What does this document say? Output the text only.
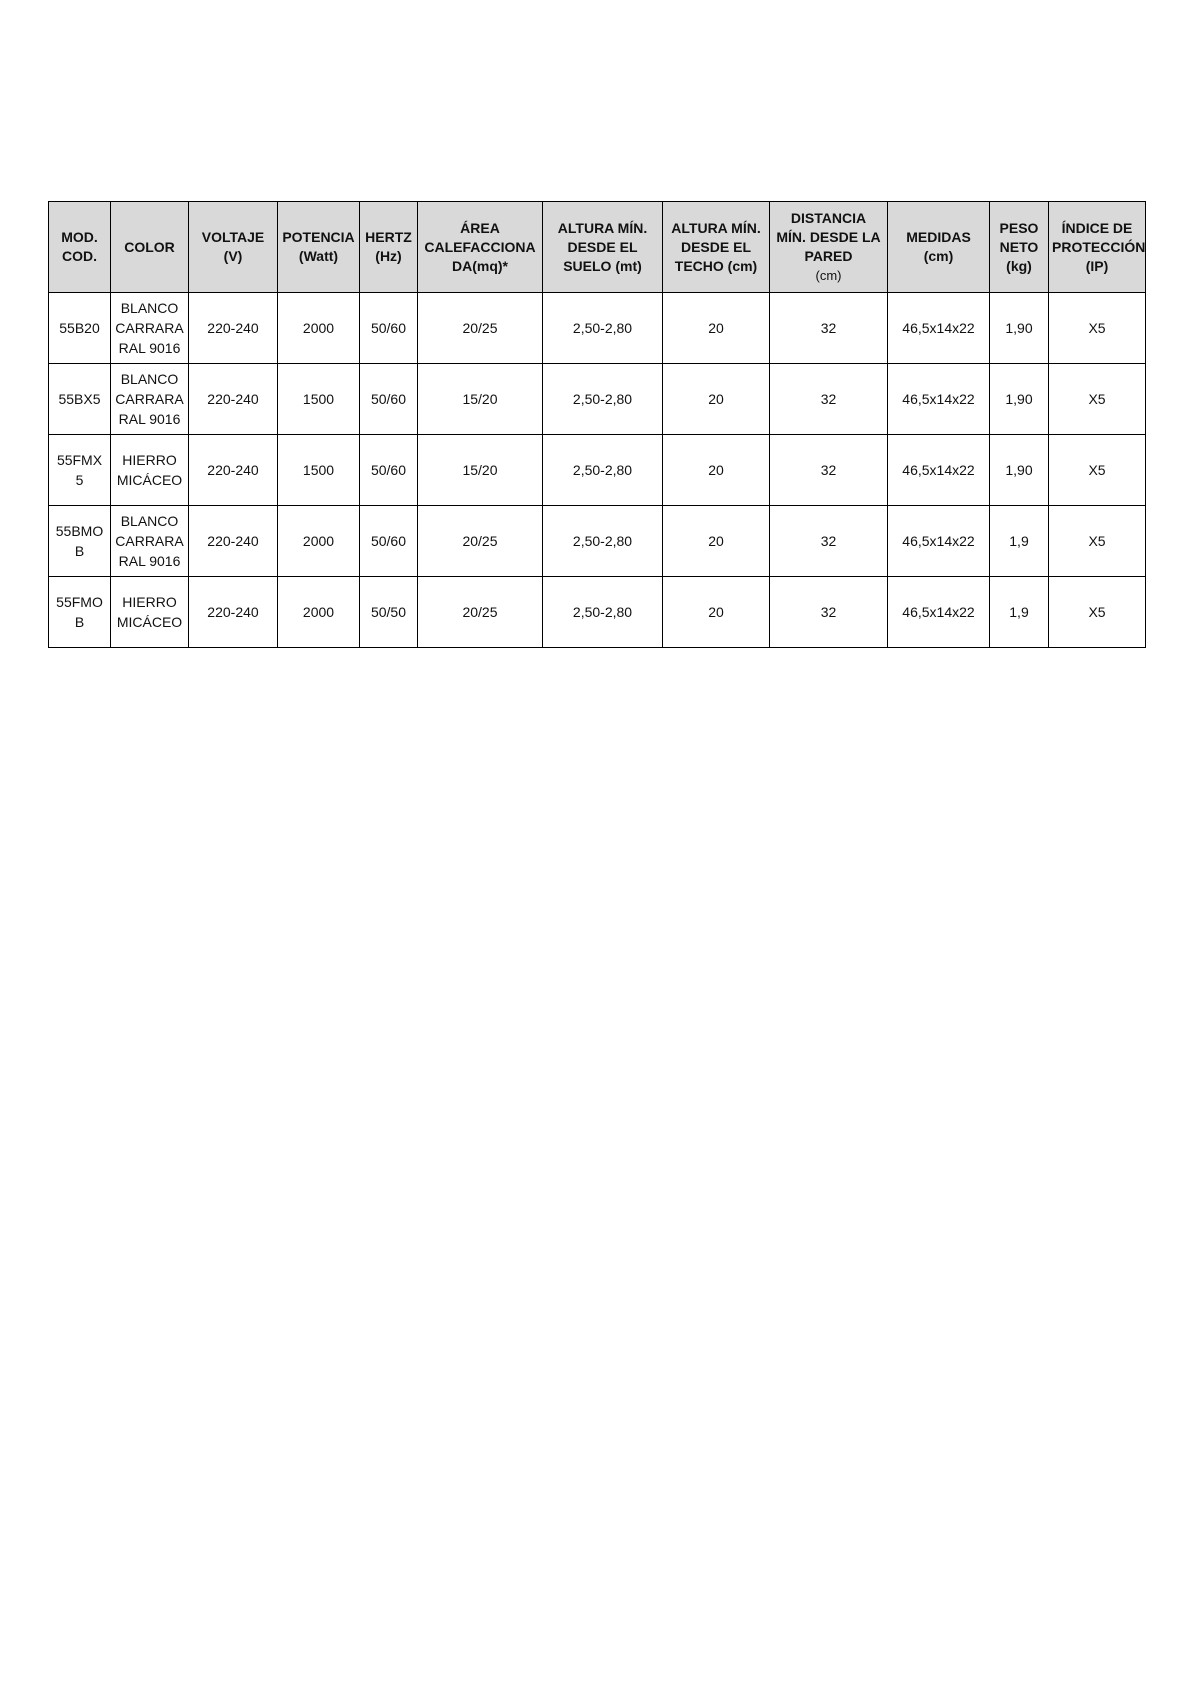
MOD.
COD.	COLOR	VOLTAJE
(V)	POTENCIA
(Watt)	HERTZ
(Hz)	ÁREA
CALEFACCIONA
DA(mq)*	ALTURA MÍN.
DESDE EL
SUELO (mt)	ALTURA MÍN.
DESDE EL
TECHO (cm)	DISTANCIA
MÍN. DESDE LA
PARED
(cm)	MEDIDAS
(cm)	PESO
NETO
(kg)	ÍNDICE DE
PROTECCIÓN
(IP)

55B20	BLANCO
CARRARA
RAL 9016	220-240	2000	50/60	20/25	2,50-2,80	20	32	46,5x14x22	1,90	X5

55BX5	BLANCO
CARRARA
RAL 9016	220-240	1500	50/60	15/20	2,50-2,80	20	32	46,5x14x22	1,90	X5

55FMX
5	HIERRO
MICÁCEO	220-240	1500	50/60	15/20	2,50-2,80	20	32	46,5x14x22	1,90	X5

55BMO
B	BLANCO
CARRARA
RAL 9016	220-240	2000	50/60	20/25	2,50-2,80	20	32	46,5x14x22	1,9	X5

55FMO
B	HIERRO
MICÁCEO	220-240	2000	50/50	20/25	2,50-2,80	20	32	46,5x14x22	1,9	X5
